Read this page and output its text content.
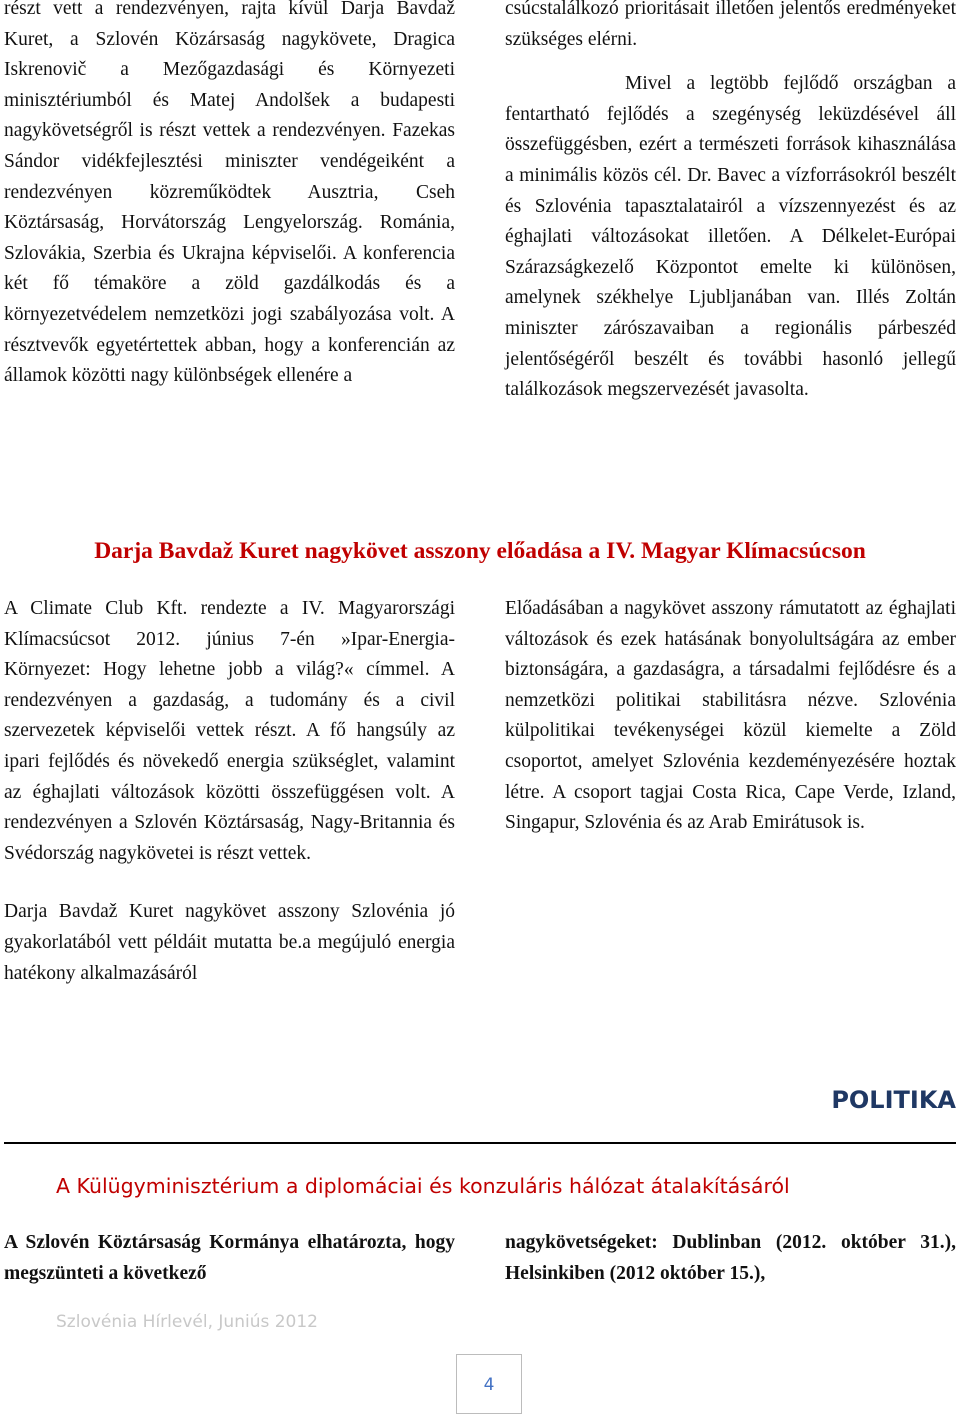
részt vett a rendezvényen, rajta kívül Darja Bavdaž Kuret, a Szlovén Közársaság nagykövete, Dragica Iskrenovič a Mezőgazdasági és Környezeti minisztériumból és Matej Andolšek a budapesti nagykövetségről is részt vettek a rendezvényen. Fazekas Sándor vidékfejlesztési miniszter vendégeiként a rendezvényen közreműködtek Ausztria, Cseh Köztársaság, Horvátország Lengyelország. Románia, Szlovákia, Szerbia és Ukrajna képviselői. A konferencia két fő témaköre a zöld gazdálkodás és a környezetvédelem nemzetközi jogi szabályozása volt. A résztvevők egyetértettek abban, hogy a konferencián az államok közötti nagy különbségek ellenére a

csúcstalálkozó prioritásait illetően jelentős eredményeket szükséges elérni.

Mivel a legtöbb fejlődő országban a fentartható fejlődés a szegénység leküzdésével áll összefüggésben, ezért a természeti források kihasználása a minimális közös cél. Dr. Bavec a vízforrásokról beszélt és Szlovénia tapasztalatairól a vízszennyezést és az éghajlati változásokat illetően. A Délkelet-Európai Szárazságkezelő Központot emelte ki különösen, amelynek székhelye Ljubljanában van. Illés Zoltán miniszter zárószavaiban a regionális párbeszéd jelentőségéről beszélt és további hasonló jellegű találkozások megszervezését javasolta.

Darja Bavdaž Kuret nagykövet asszony előadása a IV. Magyar Klímacsúcson

A Climate Club Kft. rendezte a IV. Magyarországi Klímacsúcsot 2012. június 7-én »Ipar-Energia-Környezet: Hogy lehetne jobb a világ?« címmel. A rendezvényen a gazdaság, a tudomány és a civil szervezetek képviselői vettek részt. A fő hangsúly az ipari fejlődés és növekedő energia szükséglet, valamint az éghajlati változások közötti összefüggésen volt. A rendezvényen a Szlovén Köztársaság, Nagy-Britannia és Svédország nagykövetei is részt vettek.

Darja Bavdaž Kuret nagykövet asszony Szlovénia jó gyakorlatából vett példáit mutatta be.a megújuló energia hatékony alkalmazásáról

Előadásában a nagykövet asszony rámutatott az éghajlati változások és ezek hatásának bonyolultságára az ember biztonságára, a gazdaságra, a társadalmi fejlődésre és a nemzetközi politikai stabilitásra nézve. Szlovénia külpolitikai tevékenységei közül kiemelte a Zöld csoportot, amelyet Szlovénia kezdeményezésére hoztak létre. A csoport tagjai Costa Rica, Cape Verde, Izland, Singapur, Szlovénia és az Arab Emirátusok is.

POLITIKA
A Külügyminisztérium a diplomáciai és konzuláris hálózat átalakításáról

A Szlovén Köztársaság Kormánya elhatározta, hogy megszünteti a következő

nagykövetségeket: Dublinban (2012. október 31.), Helsinkiben (2012 október 15.),

Szlovénia Hírlevél, Juniús 2012
4
